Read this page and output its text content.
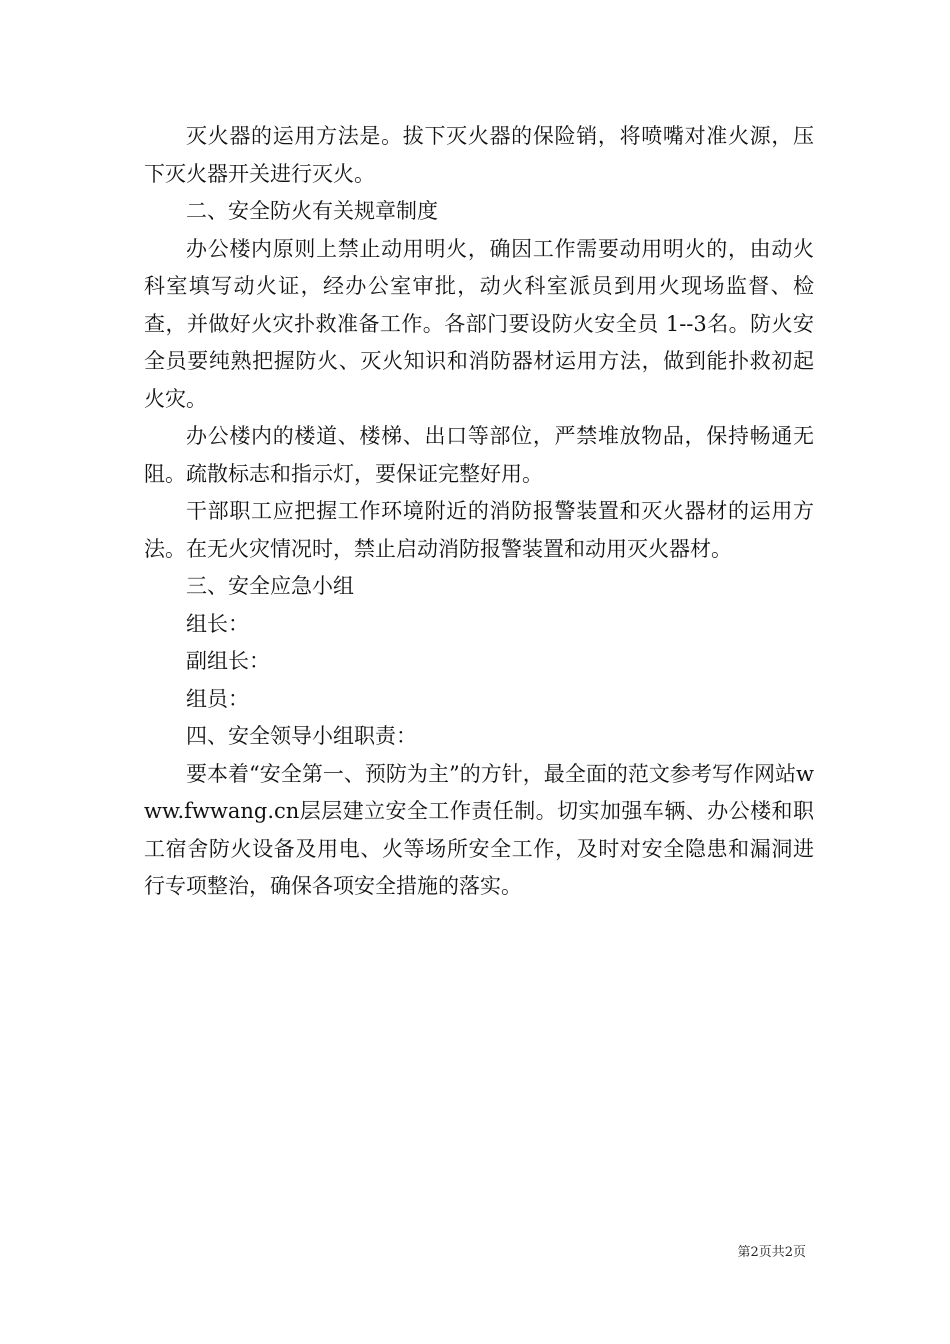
灭火器的运用方法是。拔下灭火器的保险销，将喷嘴对准火源，压下灭火器开关进行灭火。

二、安全防火有关规章制度

办公楼内原则上禁止动用明火，确因工作需要动用明火的，由动火科室填写动火证，经办公室审批，动火科室派员到用火现场监督、检查，并做好火灾扑救准备工作。各部门要设防火安全员 1--3名。防火安全员要纯熟把握防火、灭火知识和消防器材运用方法，做到能扑救初起火灾。

办公楼内的楼道、楼梯、出口等部位，严禁堆放物品，保持畅通无阻。疏散标志和指示灯，要保证完整好用。

干部职工应把握工作环境附近的消防报警装置和灭火器材的运用方法。在无火灾情况时，禁止启动消防报警装置和动用灭火器材。

三、安全应急小组

组长：

副组长：

组员：

四、安全领导小组职责：

要本着“安全第一、预防为主”的方针，最全面的范文参考写作网站www.fwwang.cn层层建立安全工作责任制。切实加强车辆、办公楼和职工宿舍防火设备及用电、火等场所安全工作，及时对安全隐患和漏洞进行专项整治，确保各项安全措施的落实。

第2页共2页
